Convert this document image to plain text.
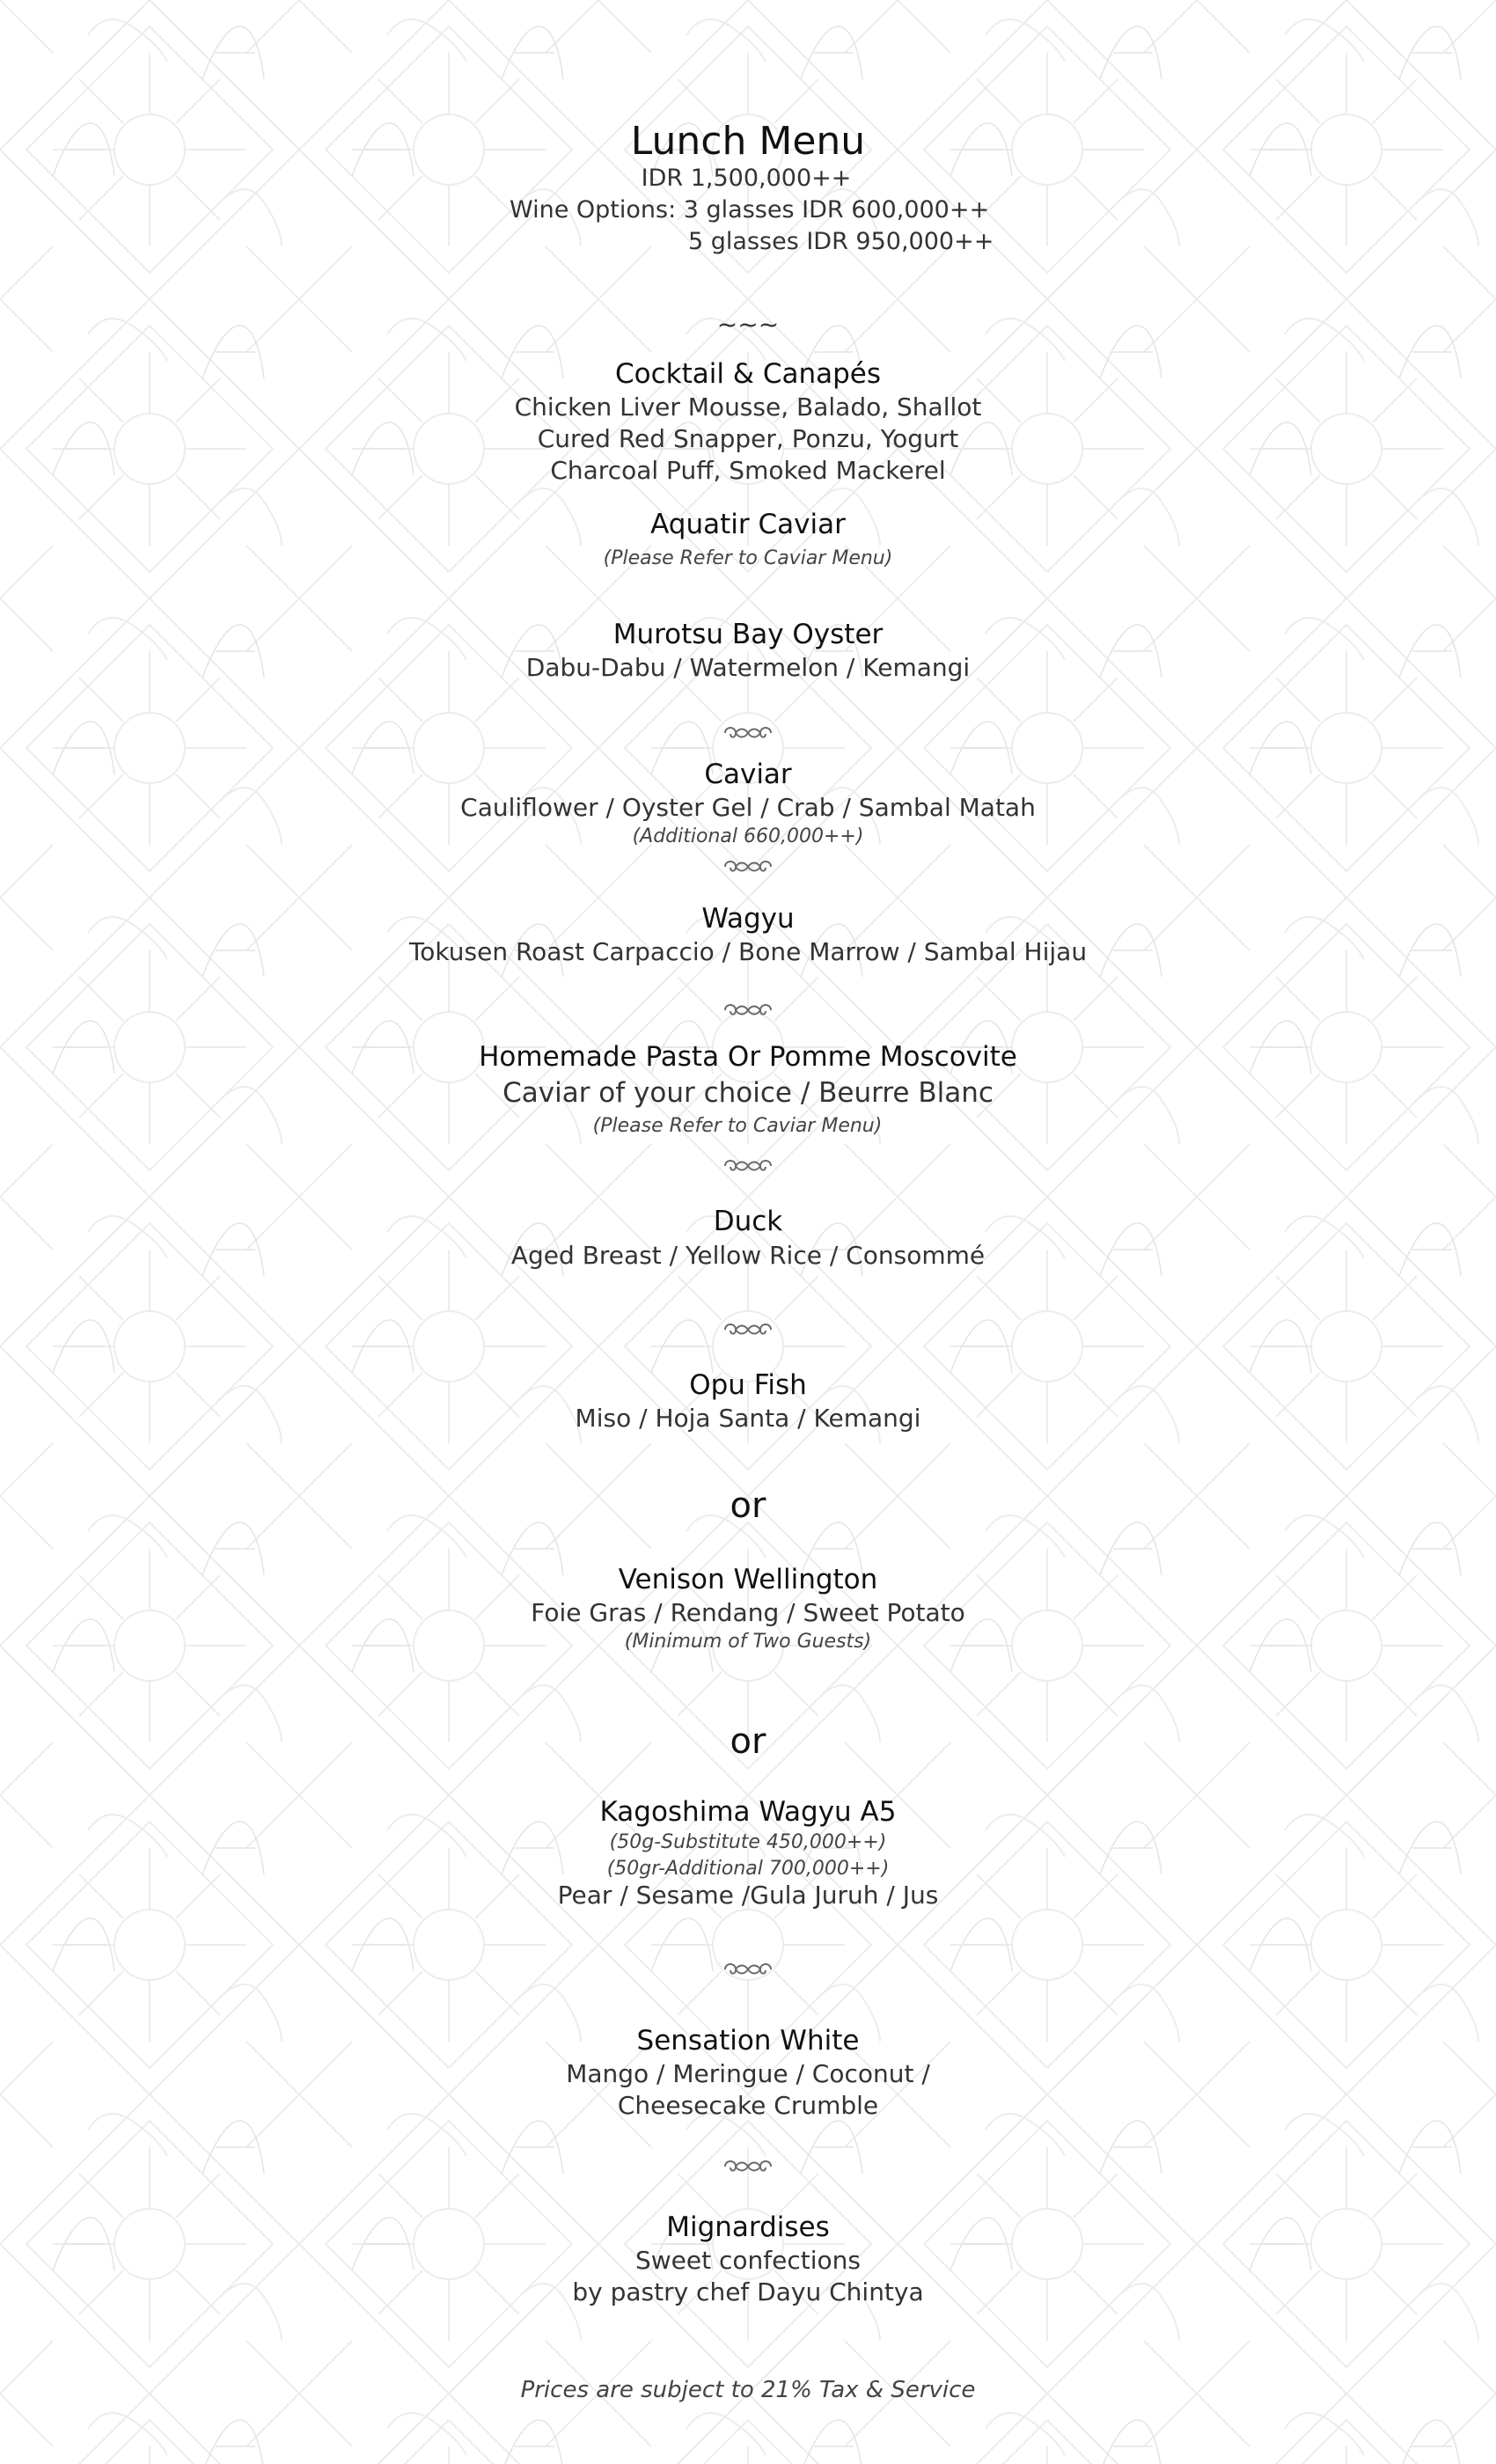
Lunch Menu
IDR 1,500,000++
Wine Options: 3 glasses IDR 600,000++
5 glasses IDR 950,000++
~~~
Cocktail & Canapés
Chicken Liver Mousse, Balado, Shallot
Cured Red Snapper, Ponzu, Yogurt
Charcoal Puff, Smoked Mackerel
Aquatir Caviar
(Please Refer to Caviar Menu)
Murotsu Bay Oyster
Dabu-Dabu / Watermelon / Kemangi
Caviar
Cauliflower / Oyster Gel / Crab / Sambal Matah
(Additional 660,000++)
Wagyu
Tokusen Roast Carpaccio / Bone Marrow / Sambal Hijau
Homemade Pasta Or Pomme Moscovite
Caviar of your choice / Beurre Blanc
(Please Refer to Caviar Menu)
Duck
Aged Breast / Yellow Rice / Consommé
Opu Fish
Miso / Hoja Santa / Kemangi
or
Venison Wellington
Foie Gras / Rendang / Sweet Potato
(Minimum of Two Guests)
or
Kagoshima Wagyu A5
(50g-Substitute 450,000++)
(50gr-Additional 700,000++)
Pear / Sesame /Gula Juruh / Jus
Sensation White
Mango / Meringue / Coconut /
Cheesecake Crumble
Mignardises
Sweet confections
by pastry chef Dayu Chintya
Prices are subject to 21% Tax & Service
